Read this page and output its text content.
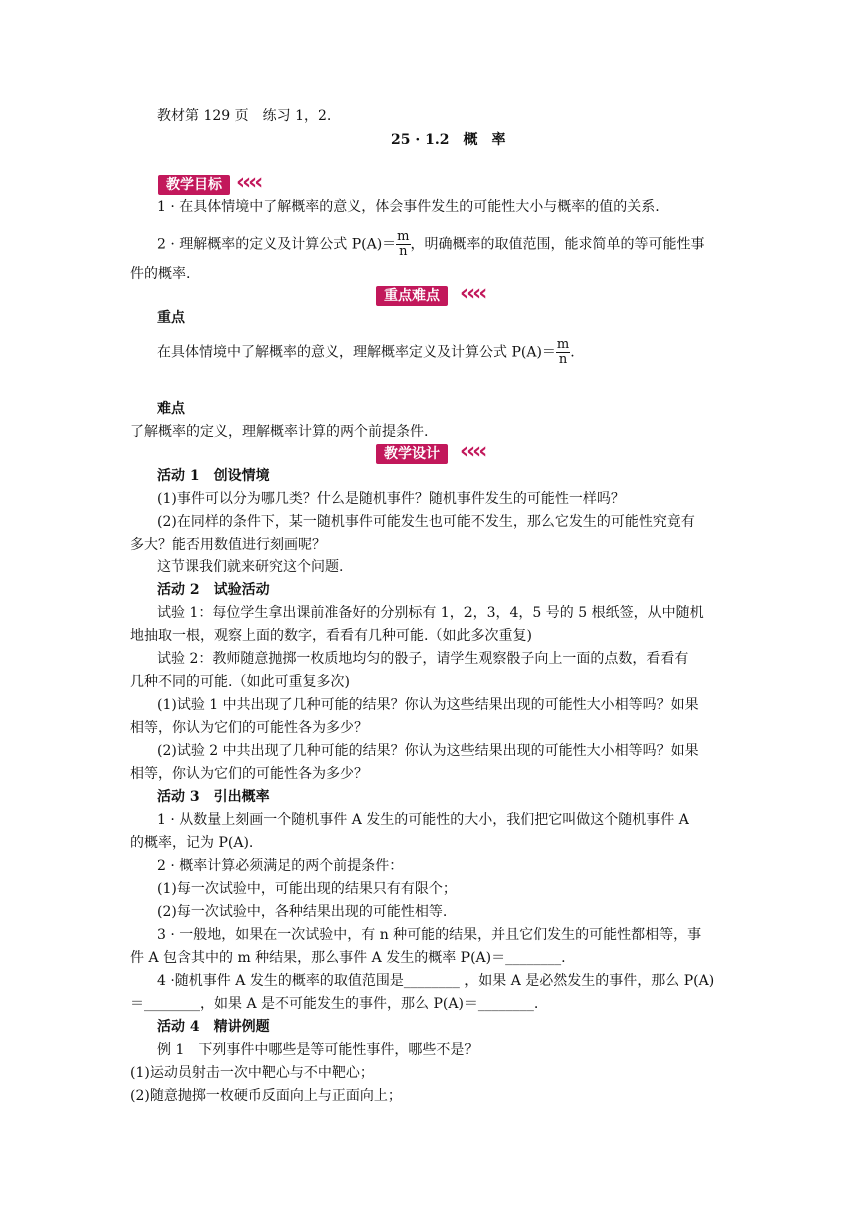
教材第 129 页　练习 1，2.
25 · 1.2　概　率
教学目标 ‹‹‹‹
1 · 在具体情境中了解概率的意义，体会事件发生的可能性大小与概率的值的关系.
2 · 理解概率的定义及计算公式 $P(A)= \frac{m}{n}$ ，明确概率的取值范围，能求简单的等可能性事
件的概率.
重点难点 ‹‹‹‹
重点
在具体情境中了解概率的意义，理解概率定义及计算公式 $P(A)= \frac{m}{n}$ .
难点
了解概率的定义，理解概率计算的两个前提条件.
教学设计 ‹‹‹‹
活动 1　创设情境
(1)事件可以分为哪几类？什么是随机事件？随机事件发生的可能性一样吗？
(2)在同样的条件下，某一随机事件可能发生也可能不发生，那么它发生的可能性究竟有
多大？能否用数值进行刻画呢？
这节课我们就来研究这个问题.
活动 2　试验活动
试验 1：每位学生拿出课前准备好的分别标有 1，2，3，4，5 号的 5 根纸签，从中随机
地抽取一根，观察上面的数字，看看有几种可能.（如此多次重复)
试验 2：教师随意抛掷一枚质地均匀的骰子，请学生观察骰子向上一面的点数，看看有
几种不同的可能.（如此可重复多次)
(1)试验 1 中共出现了几种可能的结果？你认为这些结果出现的可能性大小相等吗？如果
相等，你认为它们的可能性各为多少？
(2)试验 2 中共出现了几种可能的结果？你认为这些结果出现的可能性大小相等吗？如果
相等，你认为它们的可能性各为多少？
活动 3　引出概率
1 · 从数量上刻画一个随机事件 A 发生的可能性的大小，我们把它叫做这个随机事件 A
的概率，记为 P(A).
2 · 概率计算必须满足的两个前提条件：
(1)每一次试验中，可能出现的结果只有有限个；
(2)每一次试验中，各种结果出现的可能性相等.
3 · 一般地，如果在一次试验中，有 n 种可能的结果，并且它们发生的可能性都相等，事
件 A 包含其中的 m 种结果，那么事件 A 发生的概率 P(A)＝________.
4 ·随机事件 A 发生的概率的取值范围是________ ，如果 A 是必然发生的事件，那么 P(A)
＝________，如果 A 是不可能发生的事件，那么 P(A)＝________.
活动 4　精讲例题
例 1　下列事件中哪些是等可能性事件，哪些不是？
(1)运动员射击一次中靶心与不中靶心；
(2)随意抛掷一枚硬币反面向上与正面向上；
